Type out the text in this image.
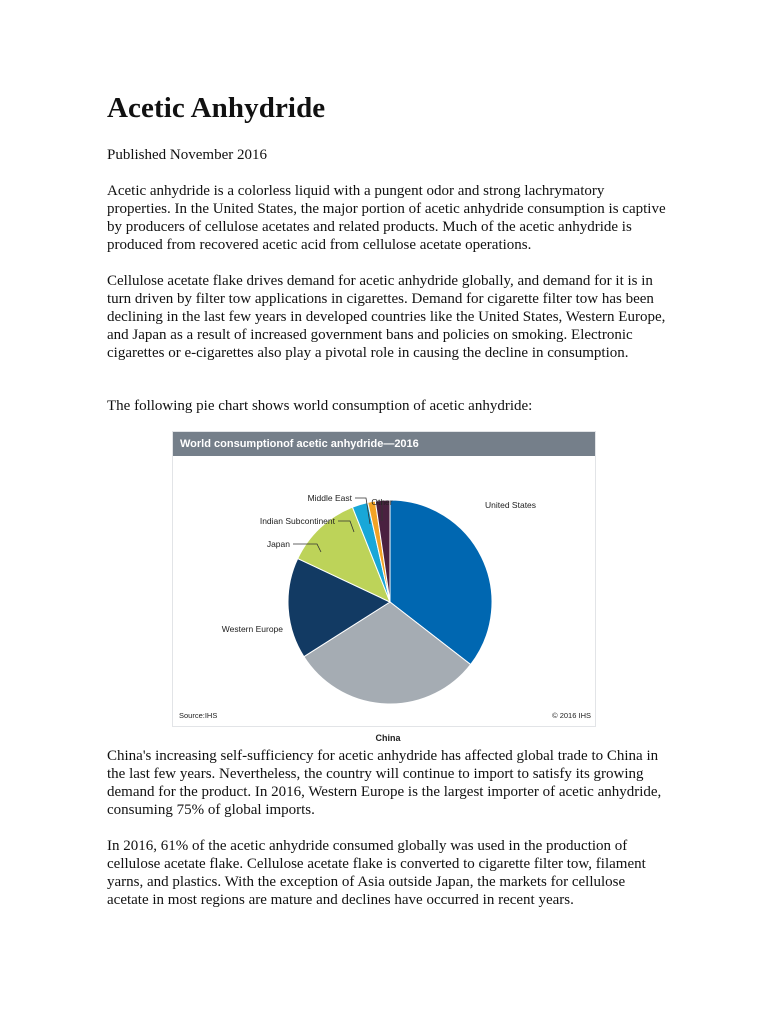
Acetic Anhydride
Published November 2016

Acetic anhydride is a colorless liquid with a pungent odor and strong lachrymatory properties. In the United States, the major portion of acetic anhydride consumption is captive by producers of cellulose acetates and related products. Much of the acetic anhydride is produced from recovered acetic acid from cellulose acetate operations.

Cellulose acetate flake drives demand for acetic anhydride globally, and demand for it is in turn driven by filter tow applications in cigarettes. Demand for cigarette filter tow has been declining in the last few years in developed countries like the United States, Western Europe, and Japan as a result of increased government bans and policies on smoking. Electronic cigarettes or e-cigarettes also play a pivotal role in causing the decline in consumption.

The following pie chart shows world consumption of acetic anhydride:

China's increasing self-sufficiency for acetic anhydride has affected global trade to China in the last few years. Nevertheless, the country will continue to import to satisfy its growing demand for the product. In 2016, Western Europe is the largest importer of acetic anhydride, consuming 75% of global imports.

In 2016, 61% of the acetic anhydride consumed globally was used in the production of cellulose acetate flake. Cellulose acetate flake is converted to cigarette filter tow, filament yarns, and plastics. With the exception of Asia outside Japan, the markets for cellulose acetate in most regions are mature and declines have occurred in recent years.

World consumptionof acetic anhydride—2016
United States
China
Western Europe
Japan
Indian Subcontinent
Middle East Other
Source:IHS	© 2016 IHS
